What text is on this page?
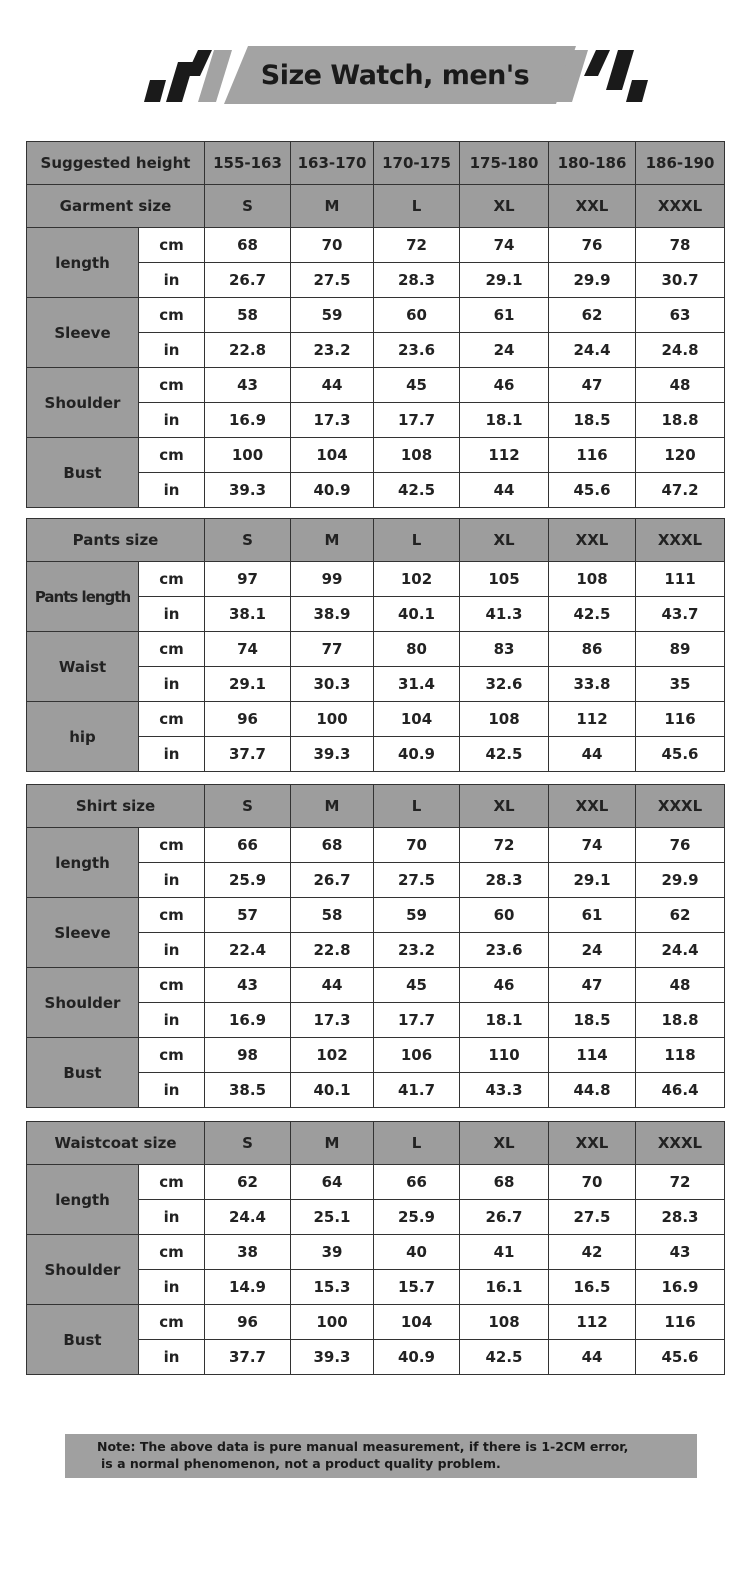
Size Watch, men's
Suggested height		155-163	163-170	170-175	175-180	180-186	186-190
Garment size		S	M	L	XL	XXL	XXXL
length	cm	68	70	72	74	76	78
	in	26.7	27.5	28.3	29.1	29.9	30.7
Sleeve	cm	58	59	60	61	62	63
	in	22.8	23.2	23.6	24	24.4	24.8
Shoulder	cm	43	44	45	46	47	48
	in	16.9	17.3	17.7	18.1	18.5	18.8
Bust	cm	100	104	108	112	116	120
	in	39.3	40.9	42.5	44	45.6	47.2
Pants size		S	M	L	XL	XXL	XXXL
Pants length	cm	97	99	102	105	108	111
	in	38.1	38.9	40.1	41.3	42.5	43.7
Waist	cm	74	77	80	83	86	89
	in	29.1	30.3	31.4	32.6	33.8	35
hip	cm	96	100	104	108	112	116
	in	37.7	39.3	40.9	42.5	44	45.6
Shirt size		S	M	L	XL	XXL	XXXL
length	cm	66	68	70	72	74	76
	in	25.9	26.7	27.5	28.3	29.1	29.9
Sleeve	cm	57	58	59	60	61	62
	in	22.4	22.8	23.2	23.6	24	24.4
Shoulder	cm	43	44	45	46	47	48
	in	16.9	17.3	17.7	18.1	18.5	18.8
Bust	cm	98	102	106	110	114	118
	in	38.5	40.1	41.7	43.3	44.8	46.4
Waistcoat size		S	M	L	XL	XXL	XXXL
length	cm	62	64	66	68	70	72
	in	24.4	25.1	25.9	26.7	27.5	28.3
Shoulder	cm	38	39	40	41	42	43
	in	14.9	15.3	15.7	16.1	16.5	16.9
Bust	cm	96	100	104	108	112	116
	in	37.7	39.3	40.9	42.5	44	45.6
Note: The above data is pure manual measurement, if there is 1-2CM error,
is a normal phenomenon, not a product quality problem.
